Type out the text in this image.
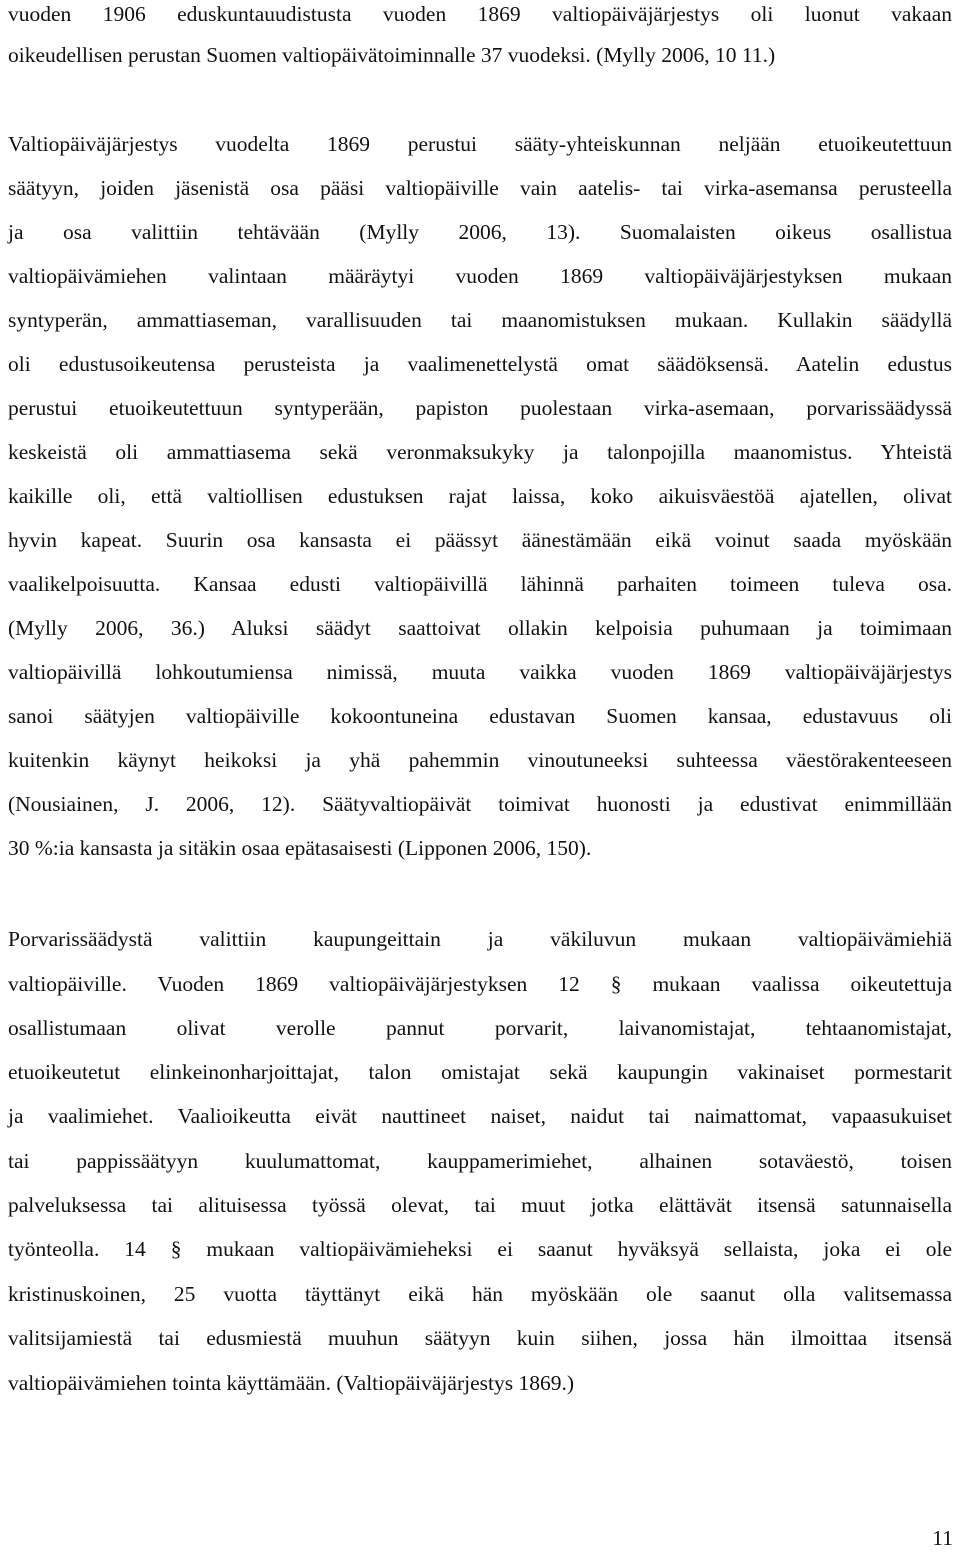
vuoden 1906 eduskuntauudistusta vuoden 1869 valtiopäiväjärjestys oli luonut vakaan
oikeudellisen perustan Suomen valtiopäivätoiminnalle 37 vuodeksi. (Mylly 2006, 10 11.)
Valtiopäiväjärjestys vuodelta 1869 perustui sääty-yhteiskunnan neljään etuoikeutettuun
säätyyn, joiden jäsenistä osa pääsi valtiopäiville vain aatelis- tai virka-asemansa perusteella
ja osa valittiin tehtävään (Mylly 2006, 13). Suomalaisten oikeus osallistua
valtiopäivämiehen valintaan määräytyi vuoden 1869 valtiopäiväjärjestyksen mukaan
syntyperän, ammattiaseman, varallisuuden tai maanomistuksen mukaan. Kullakin säädyllä
oli edustusoikeutensa perusteista ja vaalimenettelystä omat säädöksensä. Aatelin edustus
perustui etuoikeutettuun syntyperään, papiston puolestaan virka-asemaan, porvarissäädyssä
keskeistä oli ammattiasema sekä veronmaksukyky ja talonpojilla maanomistus. Yhteistä
kaikille oli, että valtiollisen edustuksen rajat laissa, koko aikuisväestöä ajatellen, olivat
hyvin kapeat. Suurin osa kansasta ei päässyt äänestämään eikä voinut saada myöskään
vaalikelpoisuutta. Kansaa edusti valtiopäivillä lähinnä parhaiten toimeen tuleva osa.
(Mylly 2006, 36.) Aluksi säädyt saattoivat ollakin kelpoisia puhumaan ja toimimaan
valtiopäivillä lohkoutumiensa nimissä, muuta vaikka vuoden 1869 valtiopäiväjärjestys
sanoi säätyjen valtiopäiville kokoontuneina edustavan Suomen kansaa, edustavuus oli
kuitenkin käynyt heikoksi ja yhä pahemmin vinoutuneeksi suhteessa väestörakenteeseen
(Nousiainen, J. 2006, 12). Säätyvaltiopäivät toimivat huonosti ja edustivat enimmillään
30 %:ia kansasta ja sitäkin osaa epätasaisesti (Lipponen 2006, 150).
Porvarissäädystä valittiin kaupungeittain ja väkiluvun mukaan valtiopäivämiehiä
valtiopäiville. Vuoden 1869 valtiopäiväjärjestyksen 12 § mukaan vaalissa oikeutettuja
osallistumaan olivat verolle pannut porvarit, laivanomistajat, tehtaanomistajat,
etuoikeutetut elinkeinonharjoittajat, talon omistajat sekä kaupungin vakinaiset pormestarit
ja vaalimiehet. Vaalioikeutta eivät nauttineet naiset, naidut tai naimattomat, vapaasukuiset
tai pappissäätyyn kuulumattomat, kauppamerimiehet, alhainen sotaväestö, toisen
palveluksessa tai alituisessa työssä olevat, tai muut jotka elättävät itsensä satunnaisella
työnteolla. 14 § mukaan valtiopäivämieheksi ei saanut hyväksyä sellaista, joka ei ole
kristinuskoinen, 25 vuotta täyttänyt eikä hän myöskään ole saanut olla valitsemassa
valitsijamiestä tai edusmiestä muuhun säätyyn kuin siihen, jossa hän ilmoittaa itsensä
valtiopäivämiehen tointa käyttämään. (Valtiopäiväjärjestys 1869.)
11
